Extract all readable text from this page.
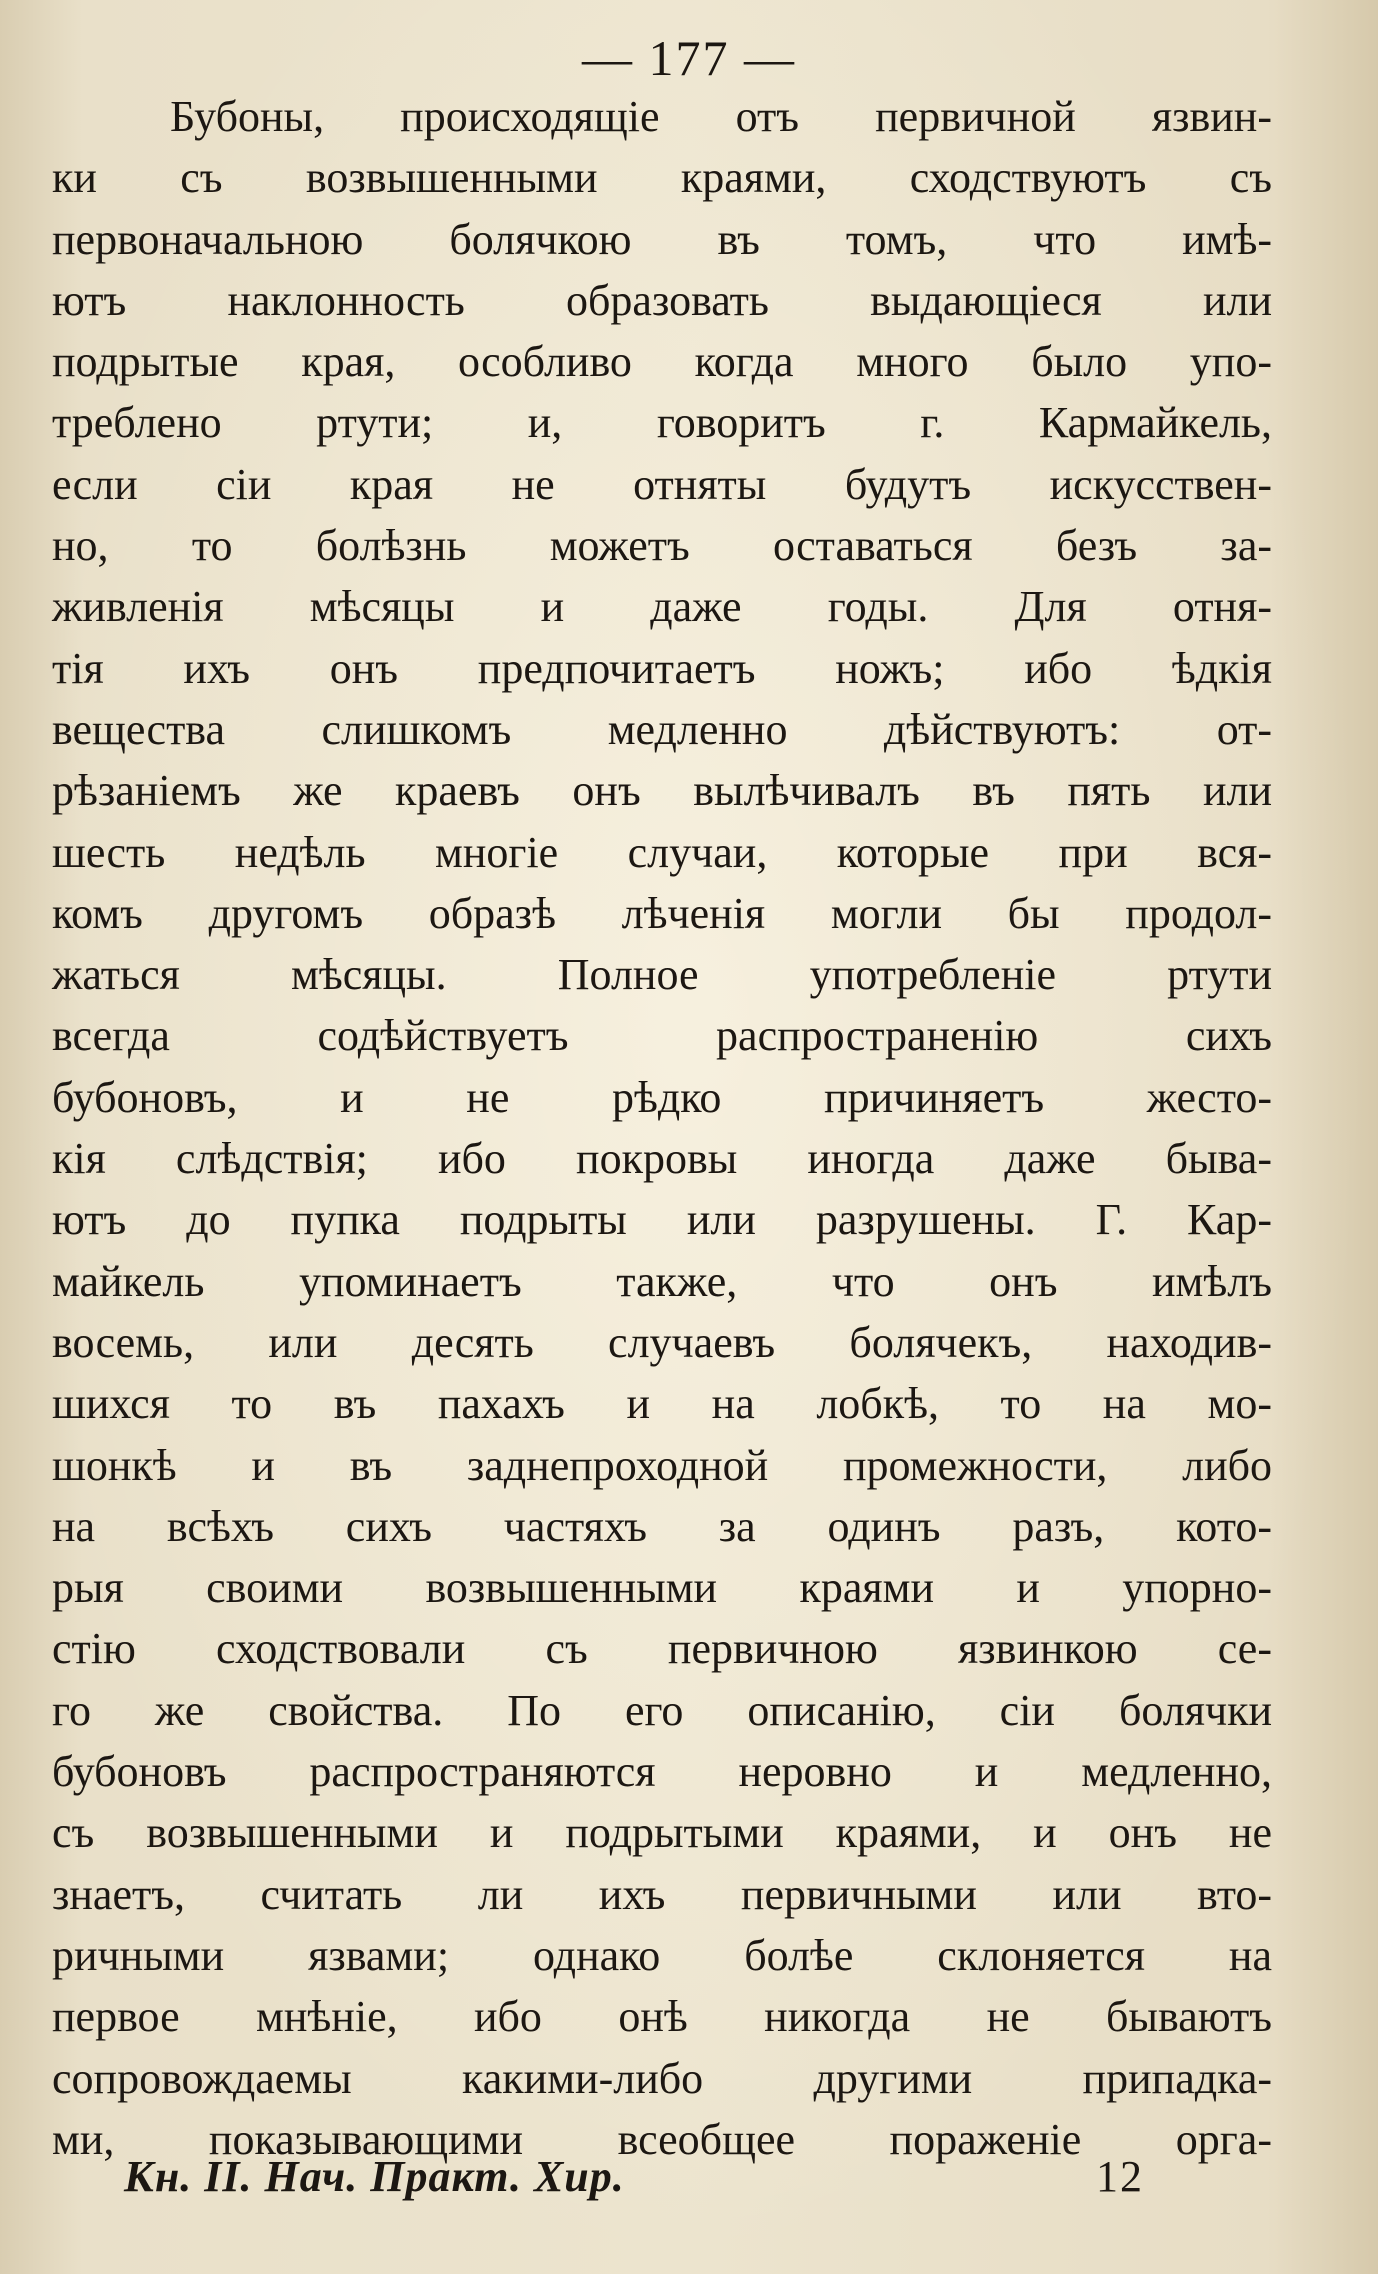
— 177 —
Бубоны, происходящіе отъ первичной язвин-
ки съ возвышенными краями, сходствуютъ съ
первоначальною болячкою въ томъ, что имѣ-
ютъ наклонность образовать выдающіеся или
подрытые края, особливо когда много было упо-
треблено ртути; и, говоритъ г. Кармайкель,
если сіи края не отняты будутъ искусствен-
но, то болѣзнь можетъ оставаться безъ за-
живленія мѣсяцы и даже годы. Для отня-
тія ихъ онъ предпочитаетъ ножъ; ибо ѣдкія
вещества слишкомъ медленно дѣйствуютъ: от-
рѣзаніемъ же краевъ онъ вылѣчивалъ въ пять или
шесть недѣль многіе случаи, которые при вся-
комъ другомъ образѣ лѣченія могли бы продол-
жаться мѣсяцы. Полное употребленіе ртути
всегда содѣйствуетъ распространенію сихъ
бубоновъ, и не рѣдко причиняетъ жесто-
кія слѣдствія; ибо покровы иногда даже быва-
ютъ до пупка подрыты или разрушены. Г. Кар-
майкель упоминаетъ также, что онъ имѣлъ
восемь, или десять случаевъ болячекъ, находив-
шихся то въ пахахъ и на лобкѣ, то на мо-
шонкѣ и въ заднепроходной промежности, либо
на всѣхъ сихъ частяхъ за одинъ разъ, кото-
рыя своими возвышенными краями и упорно-
стію сходствовали съ первичною язвинкою се-
го же свойства. По его описанію, сіи болячки
бубоновъ распространяются неровно и медленно,
съ возвышенными и подрытыми краями, и онъ не
знаетъ, считать ли ихъ первичными или вто-
ричными язвами; однако болѣе склоняется на
первое мнѣніе, ибо онѣ никогда не бываютъ
сопровождаемы какими-либо другими припадка-
ми, показывающими всеобщее пораженіе орга-
Кн. II. Нач. Практ. Хир.	12
